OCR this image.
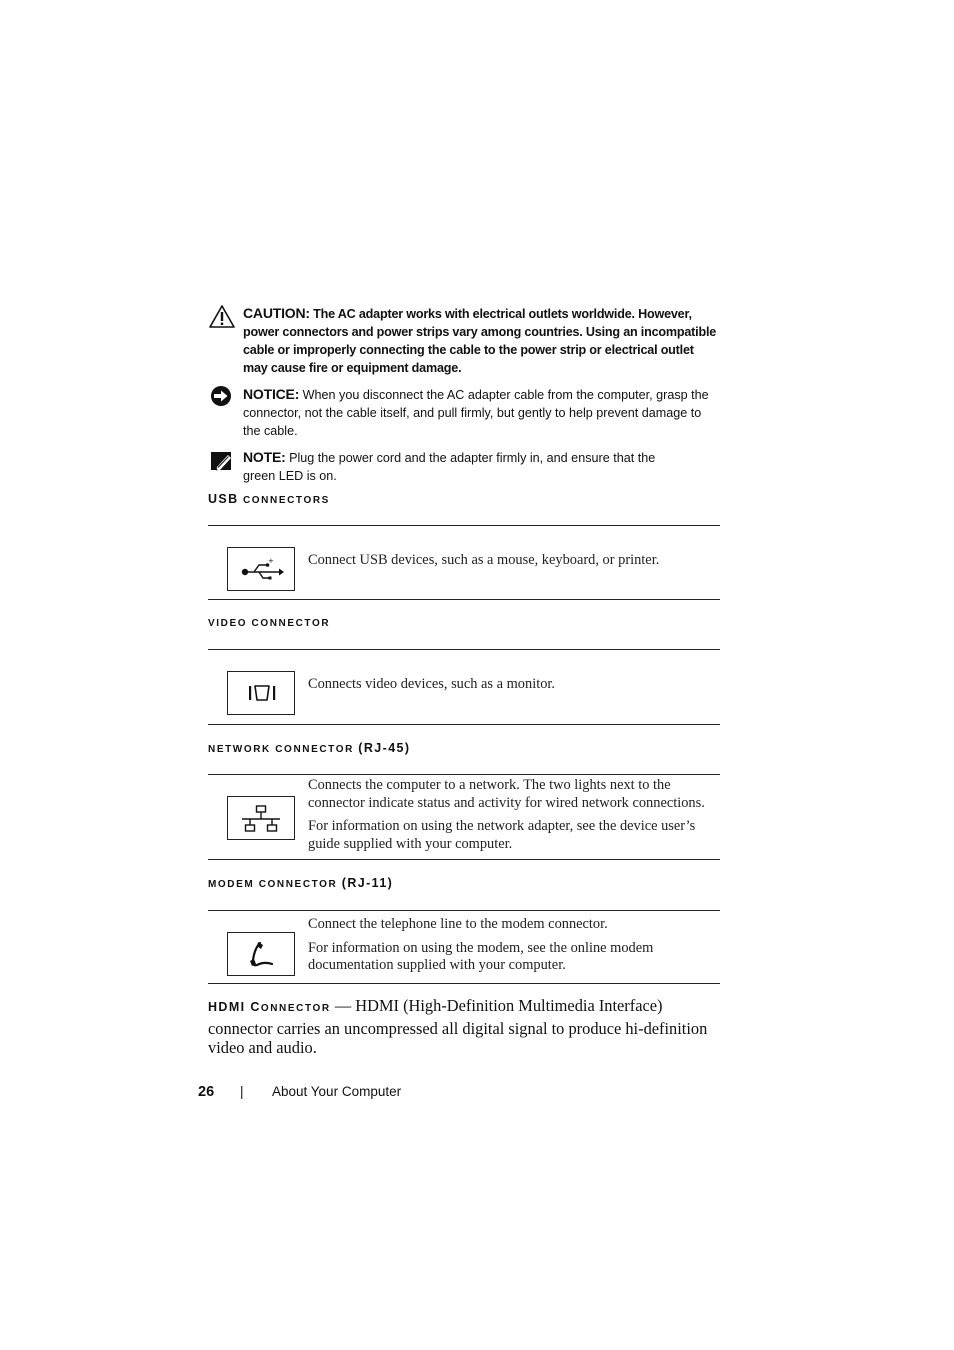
CAUTION: The AC adapter works with electrical outlets worldwide. However, power connectors and power strips vary among countries. Using an incompatible cable or improperly connecting the cable to the power strip or electrical outlet may cause fire or equipment damage.
NOTICE: When you disconnect the AC adapter cable from the computer, grasp the connector, not the cable itself, and pull firmly, but gently to help prevent damage to the cable.
NOTE: Plug the power cord and the adapter firmly in, and ensure that the green LED is on.
USB CONNECTORS
+ Connect USB devices, such as a mouse, keyboard, or printer.

VIDEO CONNECTOR

Connects video devices, such as a monitor.

NETWORK CONNECTOR (RJ-45)

Connects the computer to a network. The two lights next to the connector indicate status and activity for wired network connections.

For information on using the network adapter, see the device user’s guide supplied with your computer.

MODEM CONNECTOR (RJ-11)

Connect the telephone line to the modem connector.

For information on using the modem, see the online modem documentation supplied with your computer.

HDMI CONNECTOR — HDMI (High-Definition Multimedia Interface) connector carries an uncompressed all digital signal to produce hi-definition video and audio.
26 | About Your Computer
